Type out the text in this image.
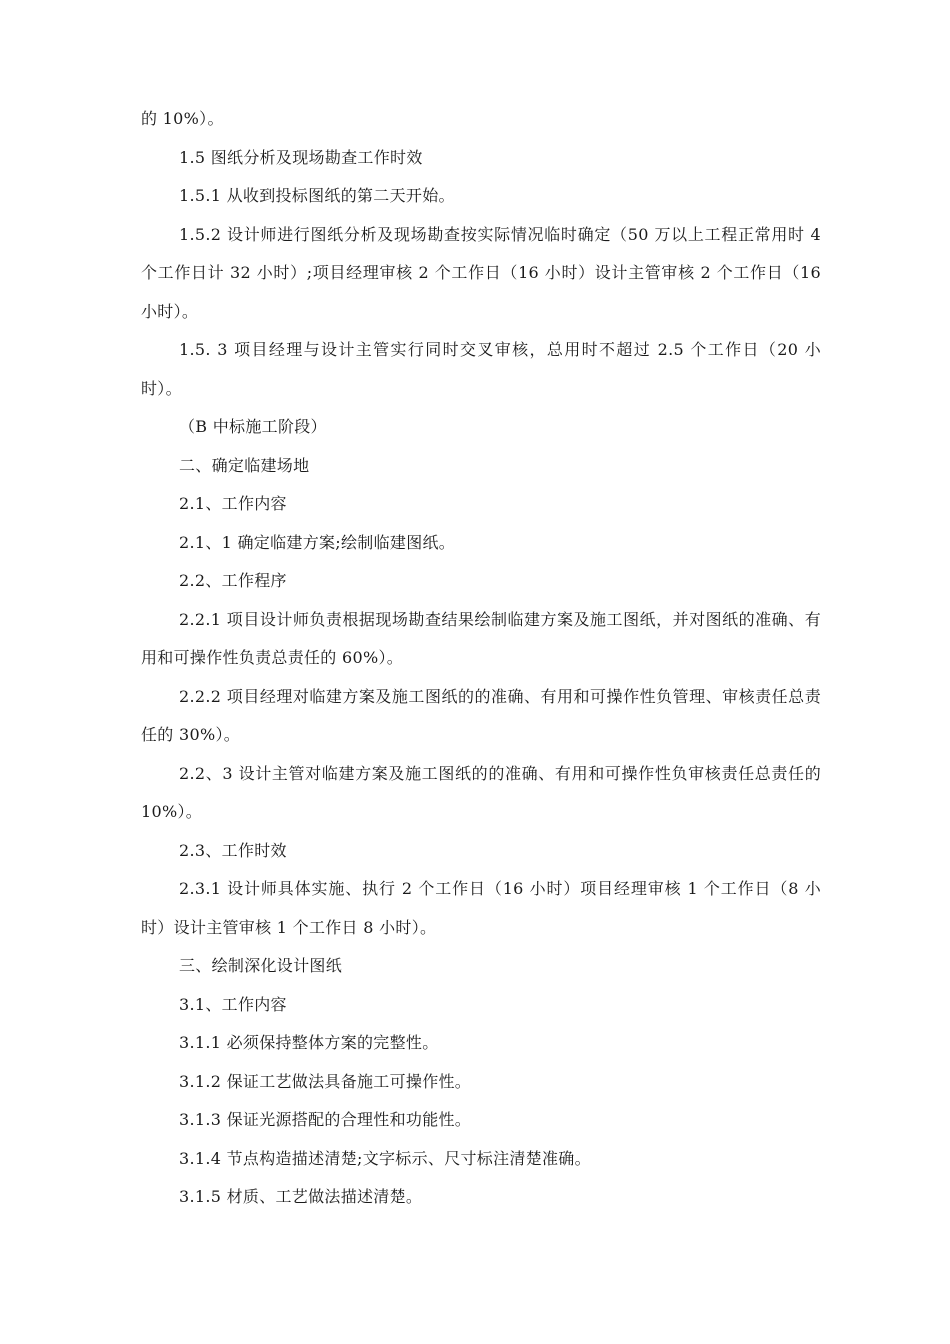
的 10%）。

1.5 图纸分析及现场勘查工作时效

1.5.1 从收到投标图纸的第二天开始。

1.5.2 设计师进行图纸分析及现场勘查按实际情况临时确定（50 万以上工程正常用时 4 个工作日计 32 小时）;项目经理审核 2 个工作日（16 小时）设计主管审核 2 个工作日（16 小时）。

1.5. 3 项目经理与设计主管实行同时交叉审核，总用时不超过 2.5 个工作日（20 小时）。

（B 中标施工阶段）

二、确定临建场地

2.1、工作内容

2.1、1 确定临建方案;绘制临建图纸。

2.2、工作程序

2.2.1 项目设计师负责根据现场勘查结果绘制临建方案及施工图纸，并对图纸的准确、有用和可操作性负责总责任的 60%）。

2.2.2 项目经理对临建方案及施工图纸的的准确、有用和可操作性负管理、审核责任总责任的 30%）。

2.2、3 设计主管对临建方案及施工图纸的的准确、有用和可操作性负审核责任总责任的 10%）。

2.3、工作时效

2.3.1 设计师具体实施、执行 2 个工作日（16 小时）项目经理审核 1 个工作日（8 小时）设计主管审核 1 个工作日 8 小时）。

三、绘制深化设计图纸

3.1、工作内容

3.1.1 必须保持整体方案的完整性。

3.1.2 保证工艺做法具备施工可操作性。

3.1.3 保证光源搭配的合理性和功能性。

3.1.4 节点构造描述清楚;文字标示、尺寸标注清楚准确。

3.1.5 材质、工艺做法描述清楚。
